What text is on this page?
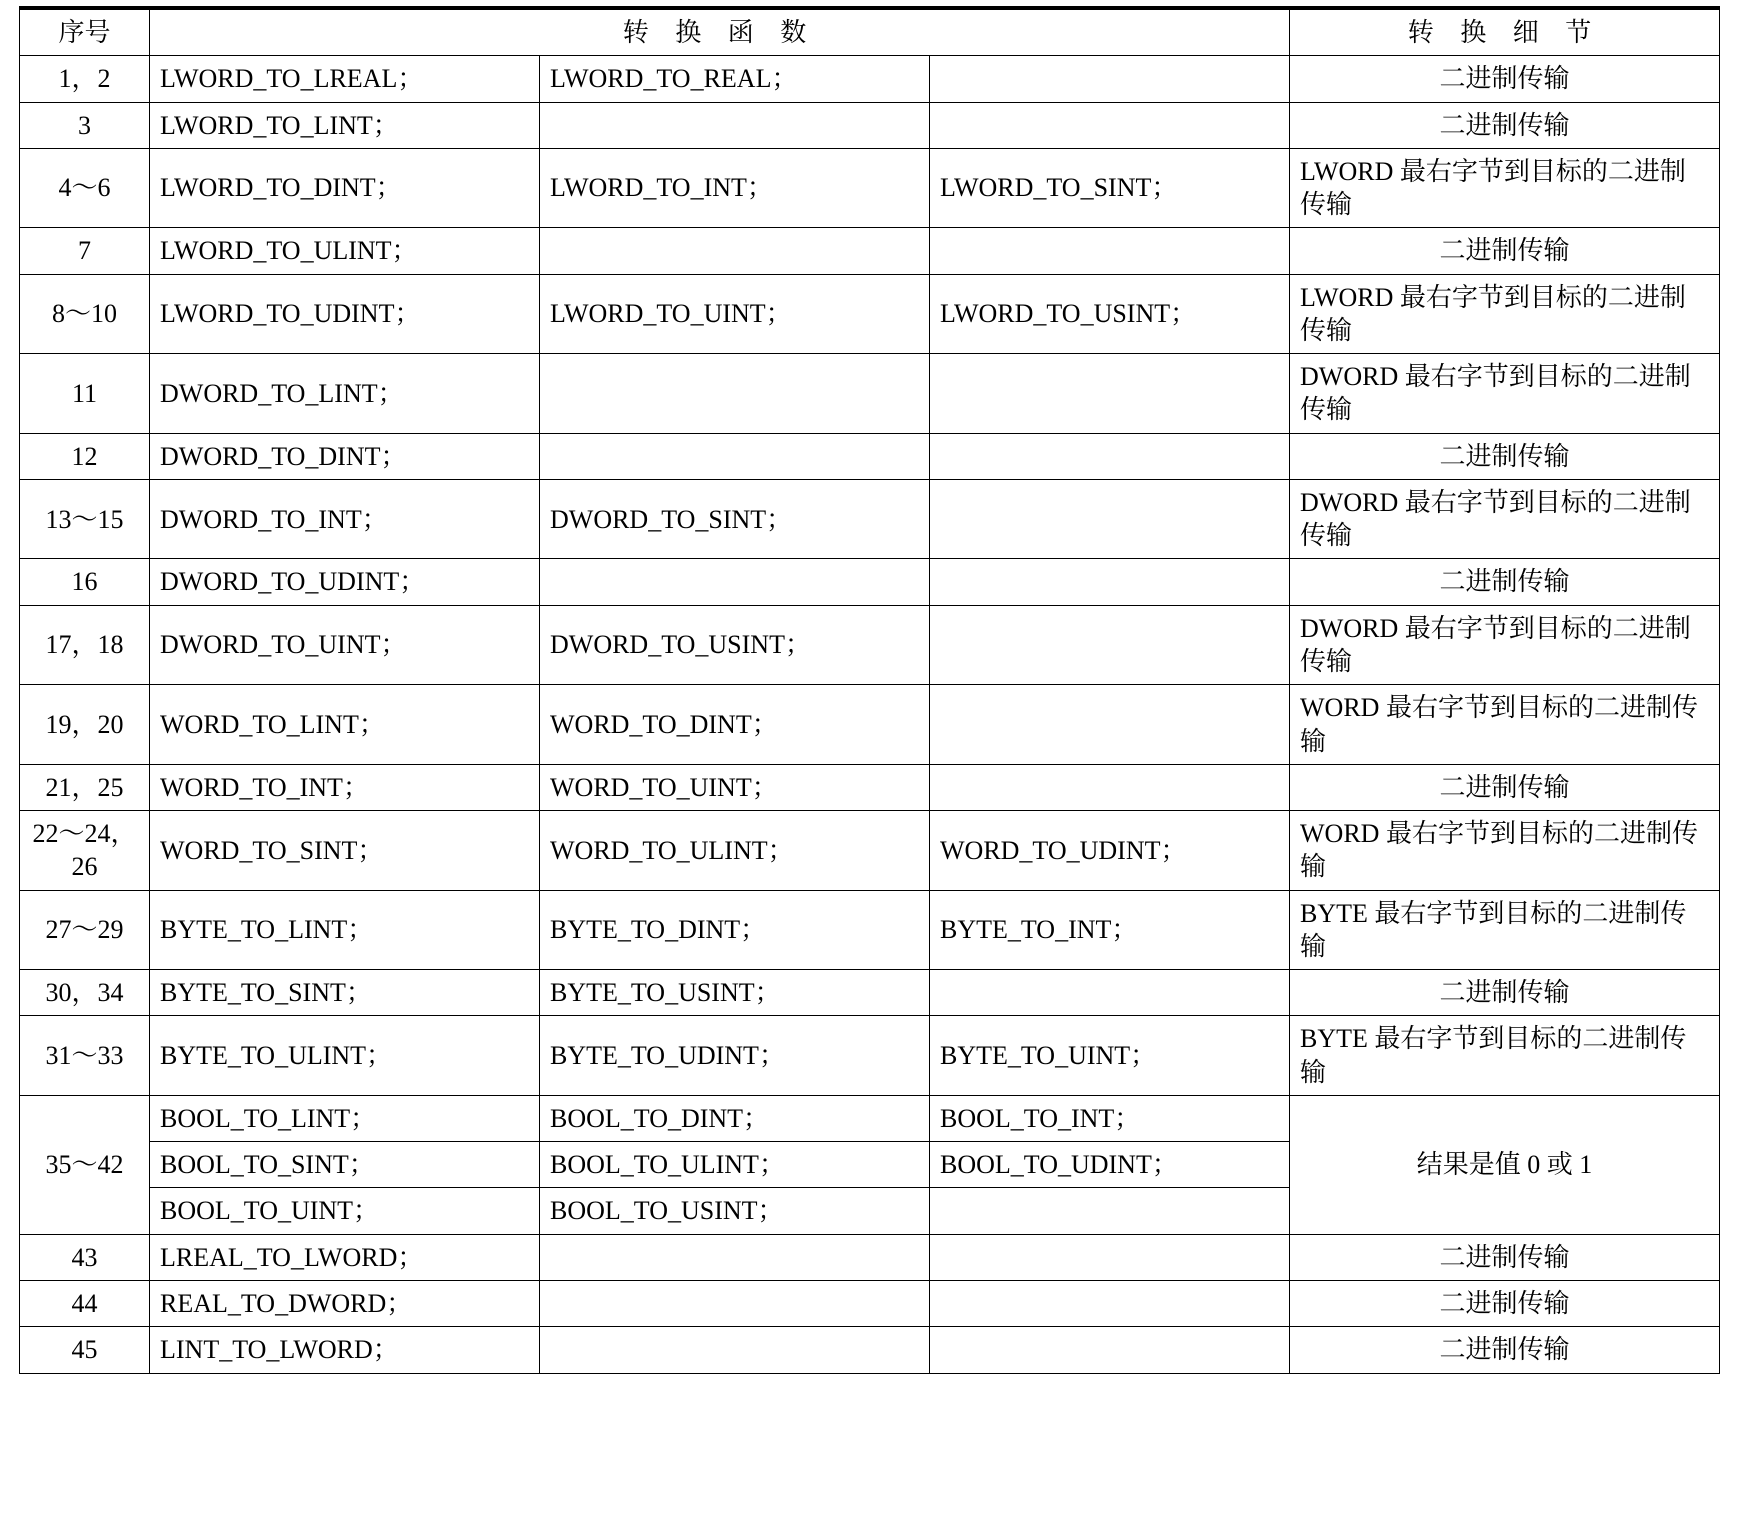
序号	转 换 函 数			转 换 细 节
1，2	LWORD_TO_LREAL；	LWORD_TO_REAL；		二进制传输
3	LWORD_TO_LINT；			二进制传输
4～6	LWORD_TO_DINT；	LWORD_TO_INT；	LWORD_TO_SINT；	LWORD 最右字节到目标的二进制传输
7	LWORD_TO_ULINT；			二进制传输
8～10	LWORD_TO_UDINT；	LWORD_TO_UINT；	LWORD_TO_USINT；	LWORD 最右字节到目标的二进制传输
11	DWORD_TO_LINT；			DWORD 最右字节到目标的二进制传输
12	DWORD_TO_DINT；			二进制传输
13～15	DWORD_TO_INT；	DWORD_TO_SINT；		DWORD 最右字节到目标的二进制传输
16	DWORD_TO_UDINT；			二进制传输
17，18	DWORD_TO_UINT；	DWORD_TO_USINT；		DWORD 最右字节到目标的二进制传输
19，20	WORD_TO_LINT；	WORD_TO_DINT；		WORD 最右字节到目标的二进制传输
21，25	WORD_TO_INT；	WORD_TO_UINT；		二进制传输
22～24，26	WORD_TO_SINT；	WORD_TO_ULINT；	WORD_TO_UDINT；	WORD 最右字节到目标的二进制传输
27～29	BYTE_TO_LINT；	BYTE_TO_DINT；	BYTE_TO_INT；	BYTE 最右字节到目标的二进制传输
30，34	BYTE_TO_SINT；	BYTE_TO_USINT；		二进制传输
31～33	BYTE_TO_ULINT；	BYTE_TO_UDINT；	BYTE_TO_UINT；	BYTE 最右字节到目标的二进制传输
35～42	BOOL_TO_LINT；	BOOL_TO_DINT；	BOOL_TO_INT；	结果是值 0 或 1
	BOOL_TO_SINT；	BOOL_TO_ULINT；	BOOL_TO_UDINT；	
	BOOL_TO_UINT；	BOOL_TO_USINT；		
43	LREAL_TO_LWORD；			二进制传输
44	REAL_TO_DWORD；			二进制传输
45	LINT_TO_LWORD；			二进制传输
